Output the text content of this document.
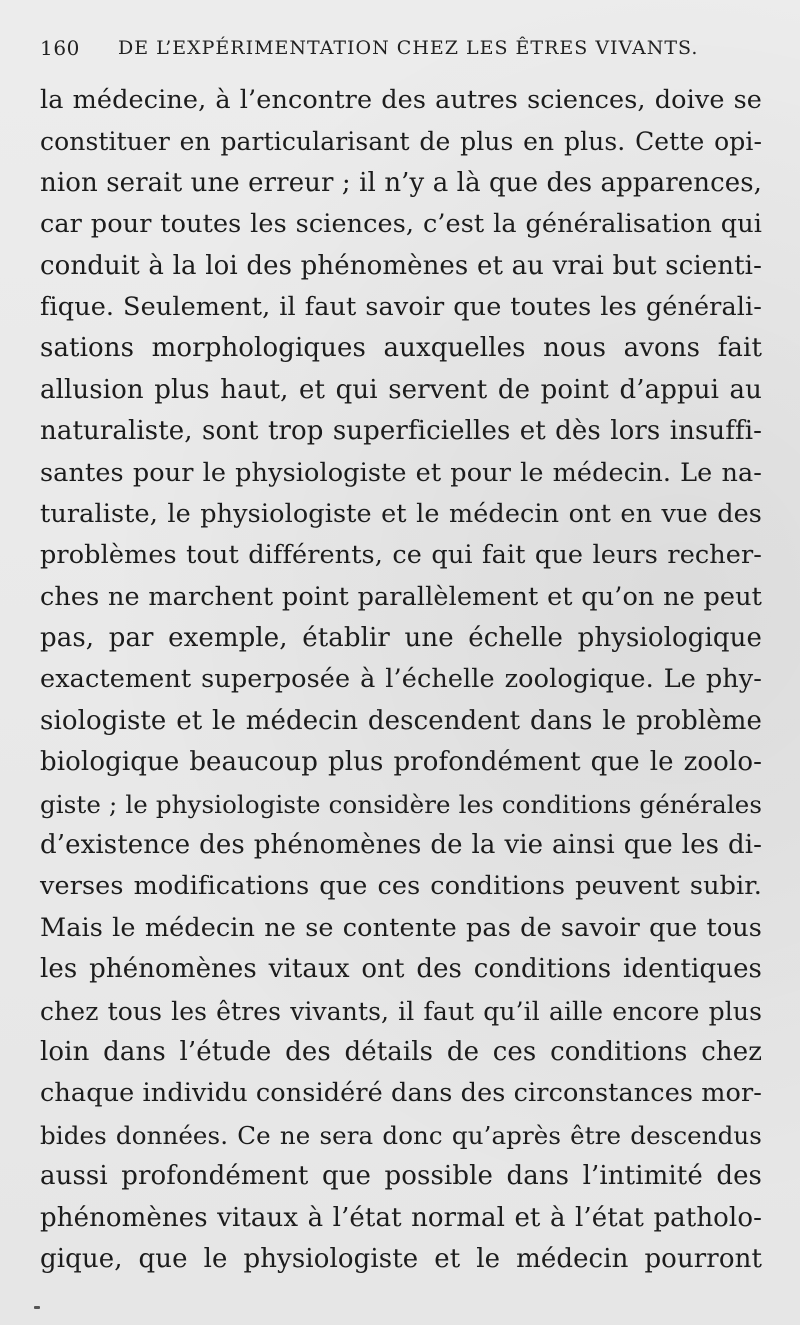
160 DE L’EXPÉRIMENTATION CHEZ LES ÊTRES VIVANTS.
la médecine, à l’encontre des autres sciences, doive se
constituer en particularisant de plus en plus. Cette opi-
nion serait une erreur ; il n’y a là que des apparences,
car pour toutes les sciences, c’est la généralisation qui
conduit à la loi des phénomènes et au vrai but scienti-
fique. Seulement, il faut savoir que toutes les générali-
sations morphologiques auxquelles nous avons fait
allusion plus haut, et qui servent de point d’appui au
naturaliste, sont trop superficielles et dès lors insuffi-
santes pour le physiologiste et pour le médecin. Le na-
turaliste, le physiologiste et le médecin ont en vue des
problèmes tout différents, ce qui fait que leurs recher-
ches ne marchent point parallèlement et qu’on ne peut
pas, par exemple, établir une échelle physiologique
exactement superposée à l’échelle zoologique. Le phy-
siologiste et le médecin descendent dans le problème
biologique beaucoup plus profondément que le zoolo-
giste ; le physiologiste considère les conditions générales
d’existence des phénomènes de la vie ainsi que les di-
verses modifications que ces conditions peuvent subir.
Mais le médecin ne se contente pas de savoir que tous
les phénomènes vitaux ont des conditions identiques
chez tous les êtres vivants, il faut qu’il aille encore plus
loin dans l’étude des détails de ces conditions chez
chaque individu considéré dans des circonstances mor-
bides données. Ce ne sera donc qu’après être descendus
aussi profondément que possible dans l’intimité des
phénomènes vitaux à l’état normal et à l’état patholo-
gique, que le physiologiste et le médecin pourront
